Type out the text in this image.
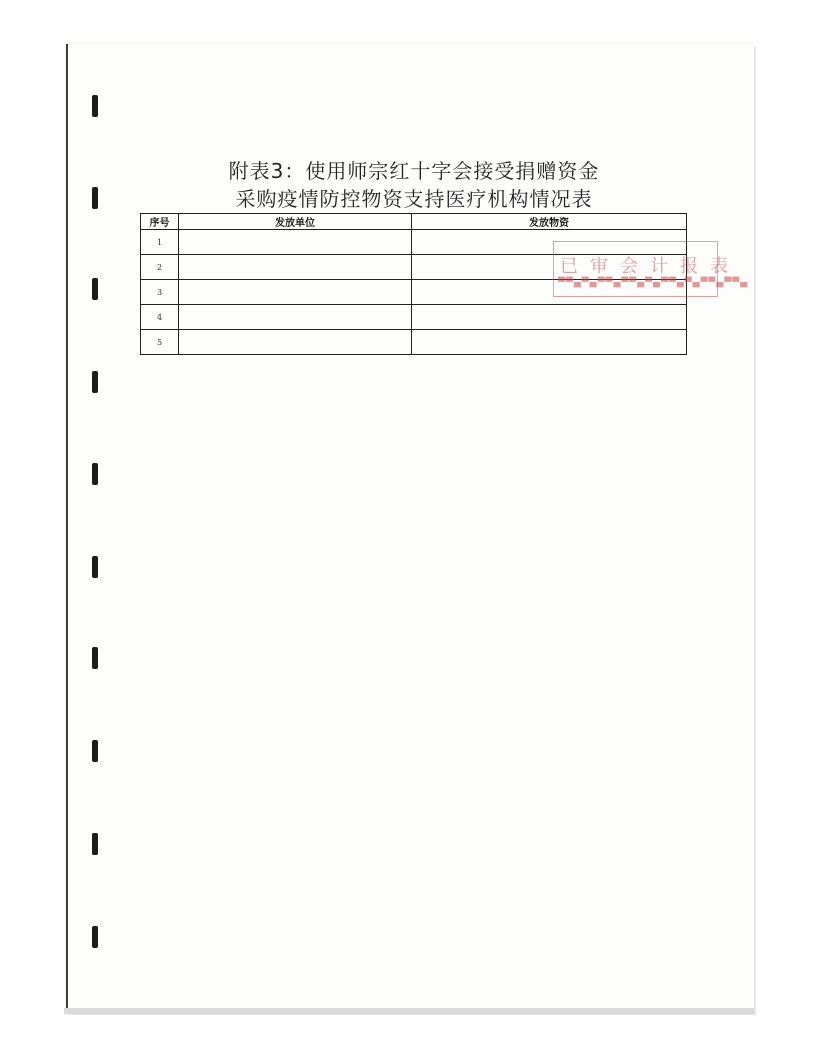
附表3：使用师宗红十字会接受捐赠资金
采购疫情防控物资支持医疗机构情况表
序号	发放单位	发放物资
1		
2		
3		
4		
5		
已审会计报表
▀▀▄▀▄▀▀▄▀▀▄▀▄▀▀▄▀▄▀▀▄▀▀▄
